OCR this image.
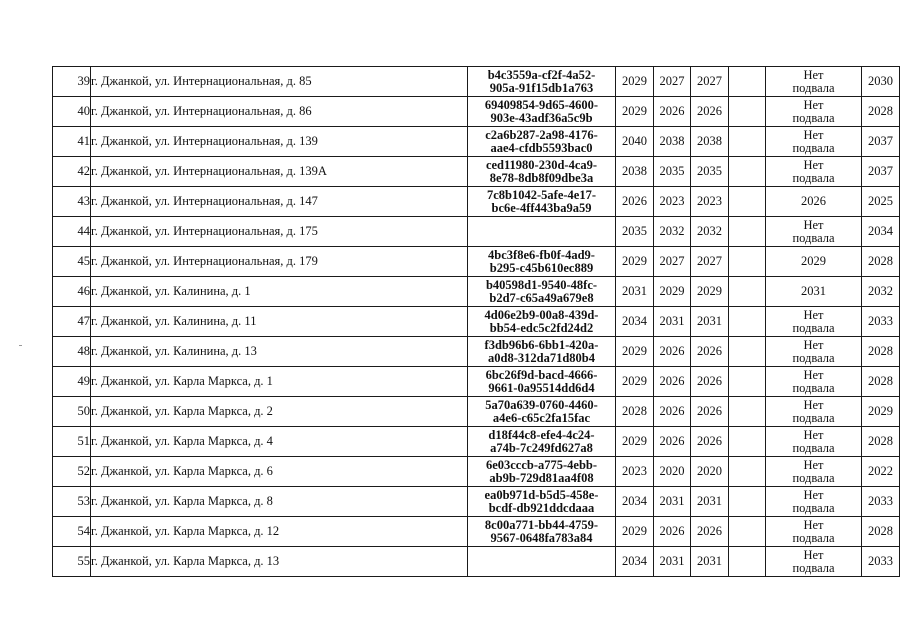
39	г. Джанкой, ул. Интернациональная, д. 85	b4c3559a-cf2f-4a52-
905a-91f15db1a763	2029	2027	2027		Нет
подвала	2030
40	г. Джанкой, ул. Интернациональная, д. 86	69409854-9d65-4600-
903e-43adf36a5c9b	2029	2026	2026		Нет
подвала	2028
41	г. Джанкой, ул. Интернациональная, д. 139	c2a6b287-2a98-4176-
aae4-cfdb5593bac0	2040	2038	2038		Нет
подвала	2037
42	г. Джанкой, ул. Интернациональная, д. 139А	ced11980-230d-4ca9-
8e78-8db8f09dbe3a	2038	2035	2035		Нет
подвала	2037
43	г. Джанкой, ул. Интернациональная, д. 147	7c8b1042-5afe-4e17-
bc6e-4ff443ba9a59	2026	2023	2023		2026	2025
44	г. Джанкой, ул. Интернациональная, д. 175		2035	2032	2032		Нет
подвала	2034
45	г. Джанкой, ул. Интернациональная, д. 179	4bc3f8e6-fb0f-4ad9-
b295-c45b610ec889	2029	2027	2027		2029	2028
46	г. Джанкой, ул. Калинина, д. 1	b40598d1-9540-48fc-
b2d7-c65a49a679e8	2031	2029	2029		2031	2032
47	г. Джанкой, ул. Калинина, д. 11	4d06e2b9-00a8-439d-
bb54-edc5c2fd24d2	2034	2031	2031		Нет
подвала	2033
48	г. Джанкой, ул. Калинина, д. 13	f3db96b6-6bb1-420a-
a0d8-312da71d80b4	2029	2026	2026		Нет
подвала	2028
49	г. Джанкой, ул. Карла Маркса, д. 1	6bc26f9d-bacd-4666-
9661-0a95514dd6d4	2029	2026	2026		Нет
подвала	2028
50	г. Джанкой, ул. Карла Маркса, д. 2	5a70a639-0760-4460-
a4e6-c65c2fa15fac	2028	2026	2026		Нет
подвала	2029
51	г. Джанкой, ул. Карла Маркса, д. 4	d18f44c8-efe4-4c24-
a74b-7c249fd627a8	2029	2026	2026		Нет
подвала	2028
52	г. Джанкой, ул. Карла Маркса, д. 6	6e03cccb-a775-4ebb-
ab9b-729d81aa4f08	2023	2020	2020		Нет
подвала	2022
53	г. Джанкой, ул. Карла Маркса, д. 8	ea0b971d-b5d5-458e-
bcdf-db921ddcdaaa	2034	2031	2031		Нет
подвала	2033
54	г. Джанкой, ул. Карла Маркса, д. 12	8c00a771-bb44-4759-
9567-0648fa783a84	2029	2026	2026		Нет
подвала	2028
55	г. Джанкой, ул. Карла Маркса, д. 13		2034	2031	2031		Нет
подвала	2033
